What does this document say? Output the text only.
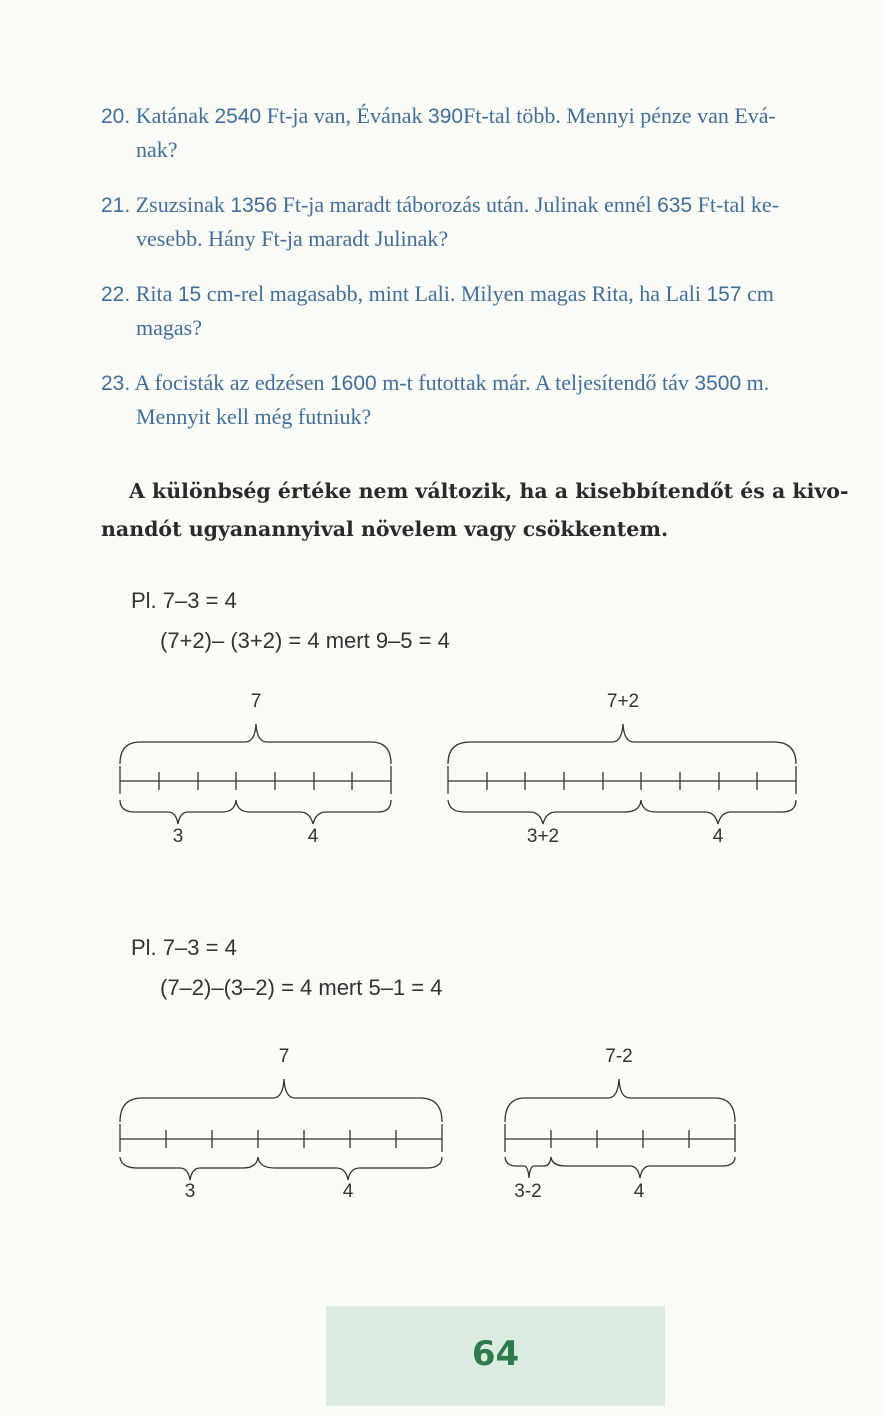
20. Katának 2540 Ft-ja van, Évának 390Ft-tal több. Mennyi pénze van Evá-
nak?
21. Zsuzsinak 1356 Ft-ja maradt táborozás után. Julinak ennél 635 Ft-tal ke-
vesebb. Hány Ft-ja maradt Julinak?
22. Rita 15 cm-rel magasabb, mint Lali. Milyen magas Rita, ha Lali 157 cm
magas?
23. A focisták az edzésen 1600 m-t futottak már. A teljesítendő táv 3500 m.
Mennyit kell még futniuk?
A különbség értéke nem változik, ha a kisebbítendőt és a kivo-
nandót ugyanannyival növelem vagy csökkentem.
Pl. 7–3 = 4
(7+2)– (3+2) = 4 mert 9–5 = 4
Pl. 7–3 = 4
(7–2)–(3–2) = 4 mert 5–1 = 4
7
3	4
7+2
3+2	4
7
3	4
7-2
3-2	4
64
